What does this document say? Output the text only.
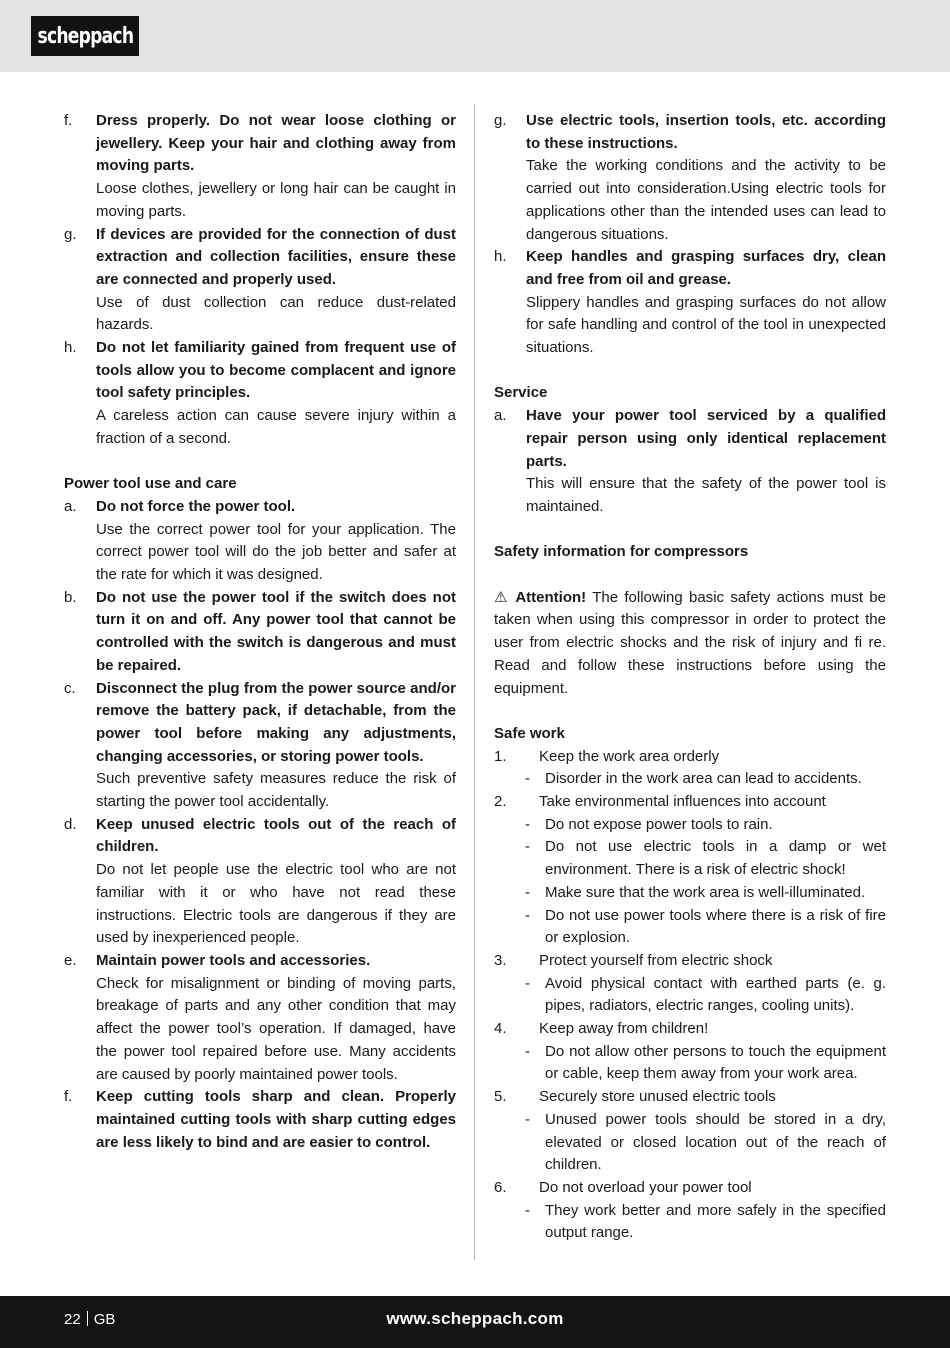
scheppach
f. Dress properly. Do not wear loose clothing or jewellery. Keep your hair and clothing away from moving parts.
Loose clothes, jewellery or long hair can be caught in moving parts.
g. If devices are provided for the connection of dust extraction and collection facilities, ensure these are connected and properly used.
Use of dust collection can reduce dust-related hazards.
h. Do not let familiarity gained from frequent use of tools allow you to become complacent and ignore tool safety principles.
A careless action can cause severe injury within a fraction of a second.
Power tool use and care
a. Do not force the power tool.
Use the correct power tool for your application. The correct power tool will do the job better and safer at the rate for which it was designed.
b. Do not use the power tool if the switch does not turn it on and off. Any power tool that cannot be controlled with the switch is dangerous and must be repaired.
c. Disconnect the plug from the power source and/or remove the battery pack, if detachable, from the power tool before making any adjustments, changing accessories, or storing power tools.
Such preventive safety measures reduce the risk of starting the power tool accidentally.
d. Keep unused electric tools out of the reach of children.
Do not let people use the electric tool who are not familiar with it or who have not read these instructions. Electric tools are dangerous if they are used by inexperienced people.
e. Maintain power tools and accessories.
Check for misalignment or binding of moving parts, breakage of parts and any other condition that may affect the power tool’s operation. If damaged, have the power tool repaired before use. Many accidents are caused by poorly maintained power tools.
f. Keep cutting tools sharp and clean. Properly maintained cutting tools with sharp cutting edges are less likely to bind and are easier to control.
g. Use electric tools, insertion tools, etc. according to these instructions.
Take the working conditions and the activity to be carried out into consideration.Using electric tools for applications other than the intended uses can lead to dangerous situations.
h. Keep handles and grasping surfaces dry, clean and free from oil and grease.
Slippery handles and grasping surfaces do not allow for safe handling and control of the tool in unexpected situations.
Service
a. Have your power tool serviced by a qualified repair person using only identical replacement parts.
This will ensure that the safety of the power tool is maintained.
Safety information for compressors
⚠ Attention! The following basic safety actions must be taken when using this compressor in order to protect the user from electric shocks and the risk of injury and fi re. Read and follow these instructions before using the equipment.
Safe work
1. Keep the work area orderly
- Disorder in the work area can lead to accidents.
2. Take environmental influences into account
- Do not expose power tools to rain.
- Do not use electric tools in a damp or wet environment. There is a risk of electric shock!
- Make sure that the work area is well-illuminated.
- Do not use power tools where there is a risk of fire or explosion.
3. Protect yourself from electric shock
- Avoid physical contact with earthed parts (e. g. pipes, radiators, electric ranges, cooling units).
4. Keep away from children!
- Do not allow other persons to touch the equipment or cable, keep them away from your work area.
5. Securely store unused electric tools
- Unused power tools should be stored in a dry, elevated or closed location out of the reach of children.
6. Do not overload your power tool
- They work better and more safely in the specified output range.
22 GB	www.scheppach.com
